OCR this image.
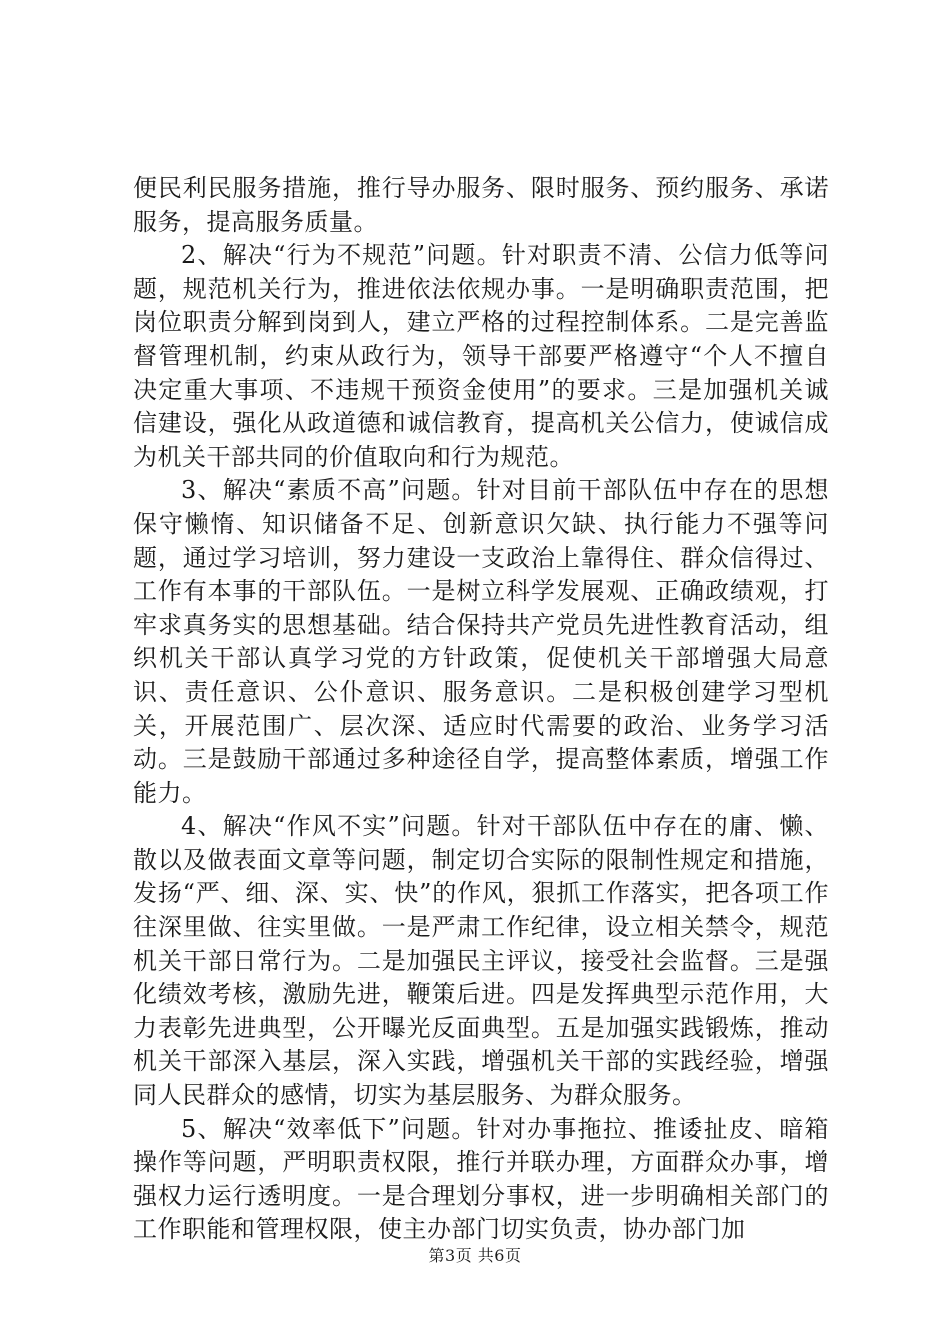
便民利民服务措施，推行导办服务、限时服务、预约服务、承诺服务，提高服务质量。

2、解决“行为不规范”问题。针对职责不清、公信力低等问题，规范机关行为，推进依法依规办事。一是明确职责范围，把岗位职责分解到岗到人，建立严格的过程控制体系。二是完善监督管理机制，约束从政行为，领导干部要严格遵守“个人不擅自决定重大事项、不违规干预资金使用”的要求。三是加强机关诚信建设，强化从政道德和诚信教育，提高机关公信力，使诚信成为机关干部共同的价值取向和行为规范。

3、解决“素质不高”问题。针对目前干部队伍中存在的思想保守懒惰、知识储备不足、创新意识欠缺、执行能力不强等问题，通过学习培训，努力建设一支政治上靠得住、群众信得过、工作有本事的干部队伍。一是树立科学发展观、正确政绩观，打牢求真务实的思想基础。结合保持共产党员先进性教育活动，组织机关干部认真学习党的方针政策，促使机关干部增强大局意识、责任意识、公仆意识、服务意识。二是积极创建学习型机关，开展范围广、层次深、适应时代需要的政治、业务学习活动。三是鼓励干部通过多种途径自学，提高整体素质，增强工作能力。

4、解决“作风不实”问题。针对干部队伍中存在的庸、懒、散以及做表面文章等问题，制定切合实际的限制性规定和措施，发扬“严、细、深、实、快”的作风，狠抓工作落实，把各项工作往深里做、往实里做。一是严肃工作纪律，设立相关禁令，规范机关干部日常行为。二是加强民主评议，接受社会监督。三是强化绩效考核，激励先进，鞭策后进。四是发挥典型示范作用，大力表彰先进典型，公开曝光反面典型。五是加强实践锻炼，推动机关干部深入基层，深入实践，增强机关干部的实践经验，增强同人民群众的感情，切实为基层服务、为群众服务。

5、解决“效率低下”问题。针对办事拖拉、推诿扯皮、暗箱操作等问题，严明职责权限，推行并联办理，方面群众办事，增强权力运行透明度。一是合理划分事权，进一步明确相关部门的工作职能和管理权限，使主办部门切实负责，协办部门加

第3页 共6页
